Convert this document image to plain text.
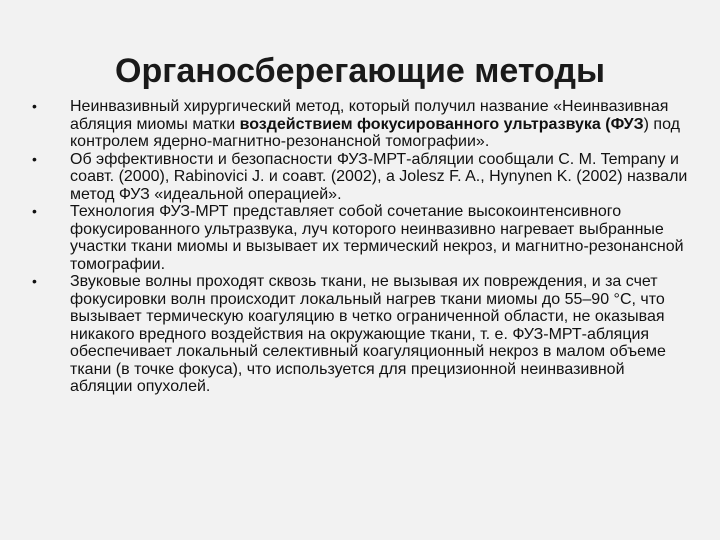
Органосберегающие методы
• Неинвазивный хирургический метод, который получил название «Неинвазивная абляция миомы матки воздействием фокусированного ультразвука (ФУЗ) под контролем ядерно-магнитно-резонансной томографии».
• Об эффективности и безопасности ФУЗ-МРТ-абляции сообщали C. M. Tempany и соавт. (2000), Rabinovici J. и соавт. (2002), а Jolesz F. A., Hynynen K. (2002) назвали метод ФУЗ «идеальной операцией».
• Технология ФУЗ-МРТ представляет собой сочетание высокоинтенсивного фокусированного ультразвука, луч которого неинвазивно нагревает выбранные участки ткани миомы и вызывает их термический некроз, и магнитно-резонансной томографии.
• Звуковые волны проходят сквозь ткани, не вызывая их повреждения, и за счет фокусировки волн происходит локальный нагрев ткани миомы до 55–90 °С, что вызывает термическую коагуляцию в четко ограниченной области, не оказывая никакого вредного воздействия на окружающие ткани, т. е. ФУЗ-МРТ-абляция обеспечивает локальный селективный коагуляционный некроз в малом объеме ткани (в точке фокуса), что используется для прецизионной неинвазивной абляции опухолей.
